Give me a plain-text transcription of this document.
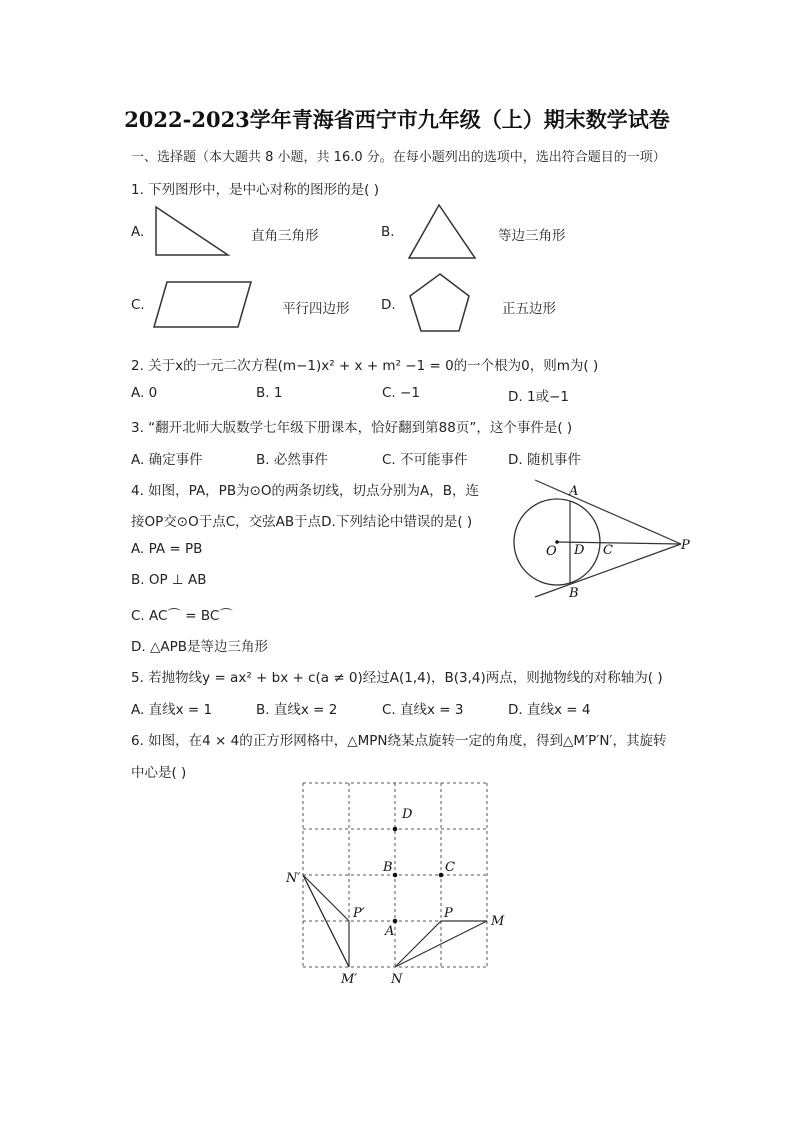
2022-2023学年青海省西宁市九年级（上）期末数学试卷
一、选择题（本大题共 8 小题，共 16.0 分。在每小题列出的选项中，选出符合题目的一项）
1. 下列图形中，是中心对称的图形的是( )
A.	直角三角形	B.	等边三角形
C.	平行四边形 D.	正五边形
2. 关于x的一元二次方程(m−1)x² + x + m² −1 = 0的一个根为0，则m为( )
A. 0	B. 1	C. −1	D. 1或−1
3. “翻开北师大版数学七年级下册课本，恰好翻到第88页”，这个事件是( )
A. 确定事件	B. 必然事件	C. 不可能事件	D. 随机事件
4. 如图，PA，PB为⊙O的两条切线，切点分别为A，B，连
接OP交⊙O于点C，交弦AB于点D.下列结论中错误的是( )
A. PA = PB
B. OP ⊥ AB
C. AC⌒ = BC⌒
D. △APB是等边三角形
A
B
O D C	P
5. 若抛物线y = ax² + bx + c(a ≠ 0)经过A(1,4)，B(3,4)两点，则抛物线的对称轴为( )
A. 直线x = 1	B. 直线x = 2	C. 直线x = 3	D. 直线x = 4
6. 如图，在4 × 4的正方形网格中，△MPN绕某点旋转一定的角度，得到△M′P′N′，其旋转
中心是( )
D
B	C
N′
P′	P
M
A
M′	N
